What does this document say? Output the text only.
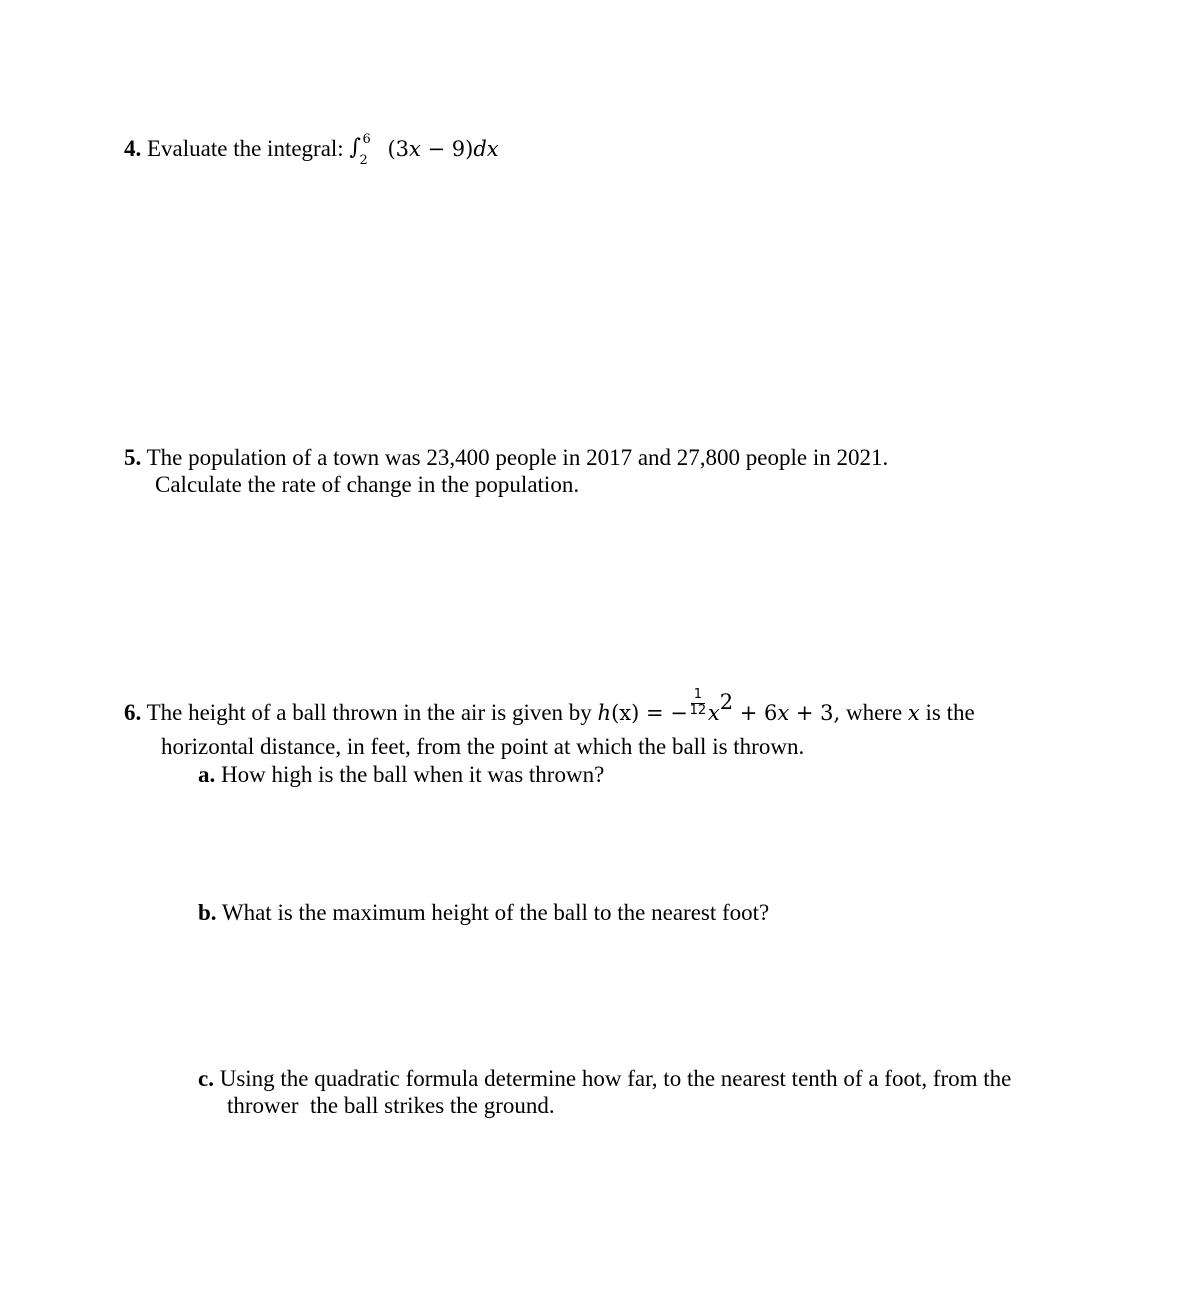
4. Evaluate the integral: ∫ 6
2 (3x − 9)dx
5. The population of a town was 23,400 people in 2017 and 27,800 people in 2021.
Calculate the rate of change in the population.
6. The height of a ball thrown in the air is given by h(x) = −
1
12 $x^2 + 6x + 3$, where x is the
horizontal distance, in feet, from the point at which the ball is thrown.
a. How high is the ball when it was thrown?
b. What is the maximum height of the ball to the nearest foot?
c. Using the quadratic formula determine how far, to the nearest tenth of a foot, from the
thrower  the ball strikes the ground.
